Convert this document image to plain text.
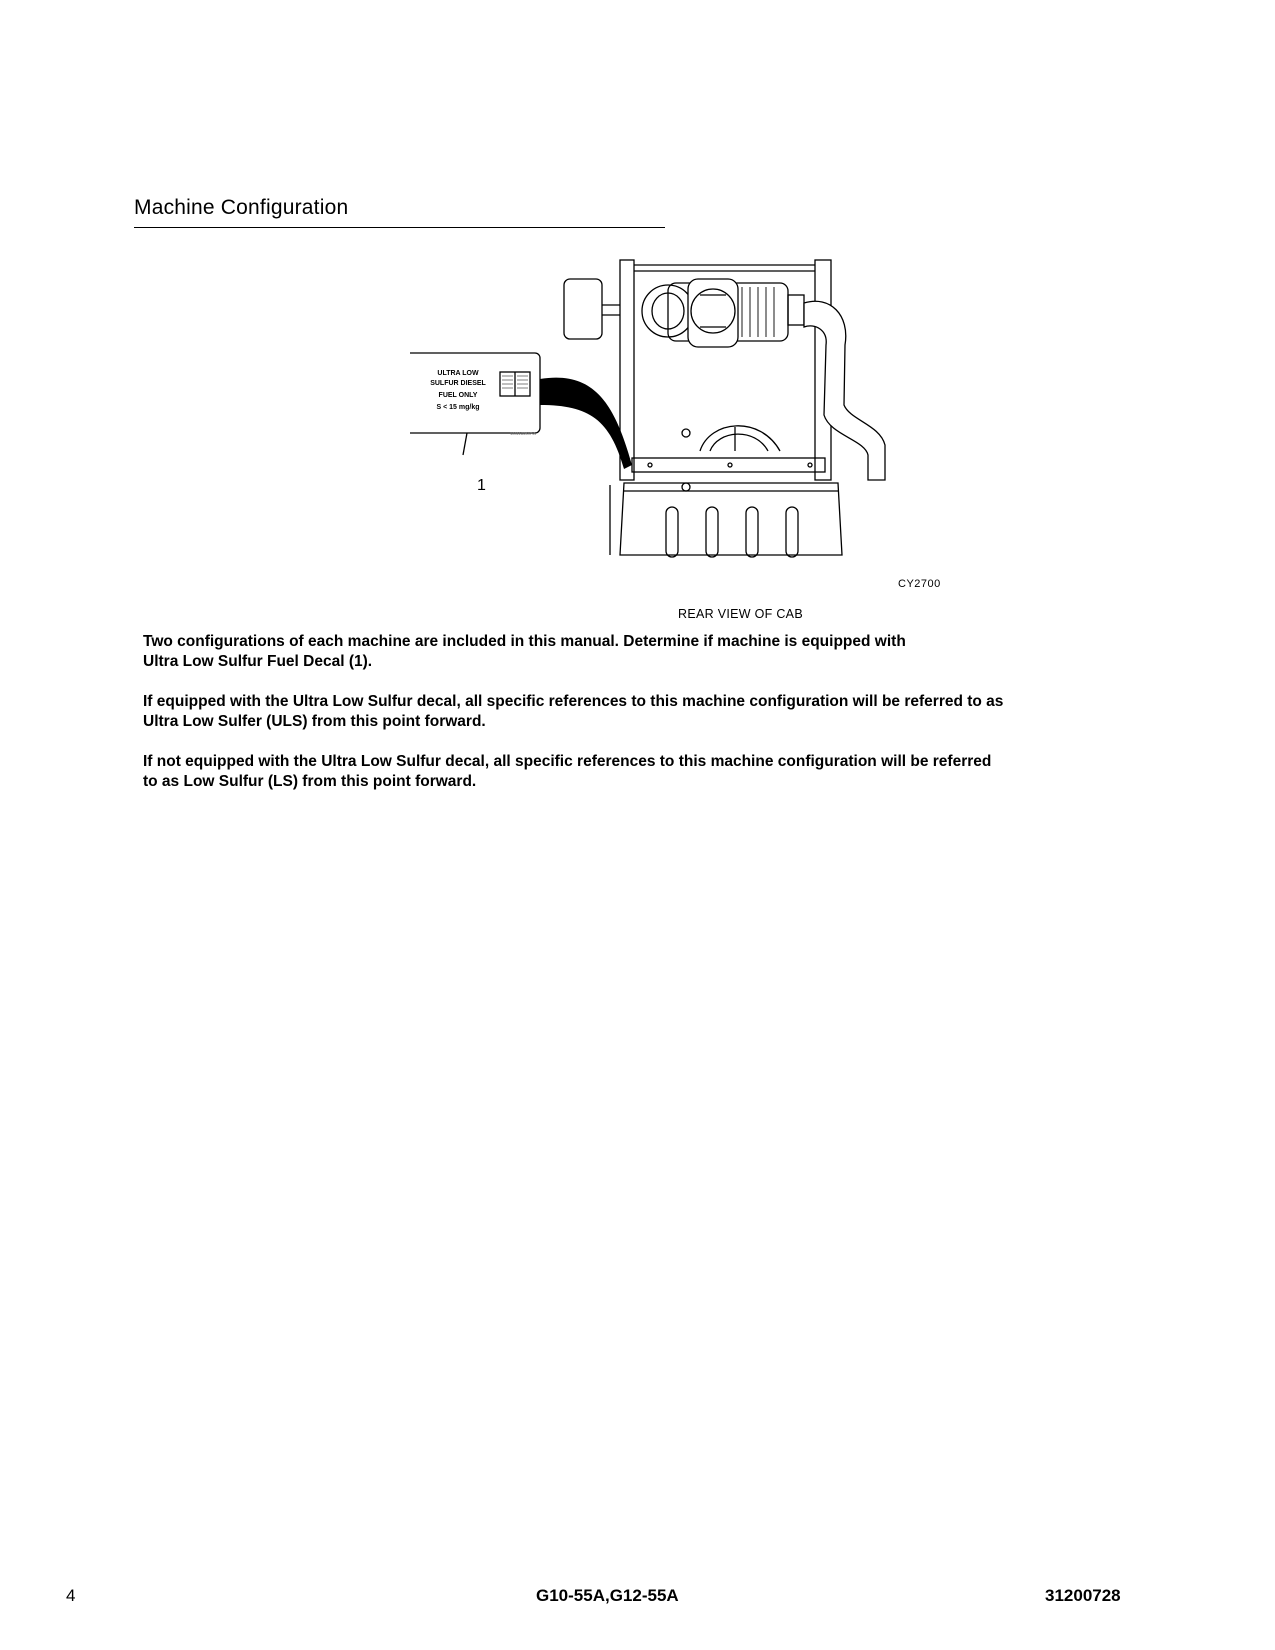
Machine Configuration
ULTRA LOW
SULFUR DIESEL
FUEL ONLY
S < 15 mg/kg
1001183547-A
1
CY2700
REAR VIEW OF CAB
Two configurations of each machine are included in this manual. Determine if machine is equipped with
Ultra Low Sulfur Fuel Decal (1).
If equipped with the Ultra Low Sulfur decal, all specific references to this machine configuration will be referred to as
Ultra Low Sulfer (ULS) from this point forward.
If not equipped with the Ultra Low Sulfur decal, all specific references to this machine configuration will be referred
to as Low Sulfur (LS) from this point forward.
4	G10-55A,G12-55A	31200728
